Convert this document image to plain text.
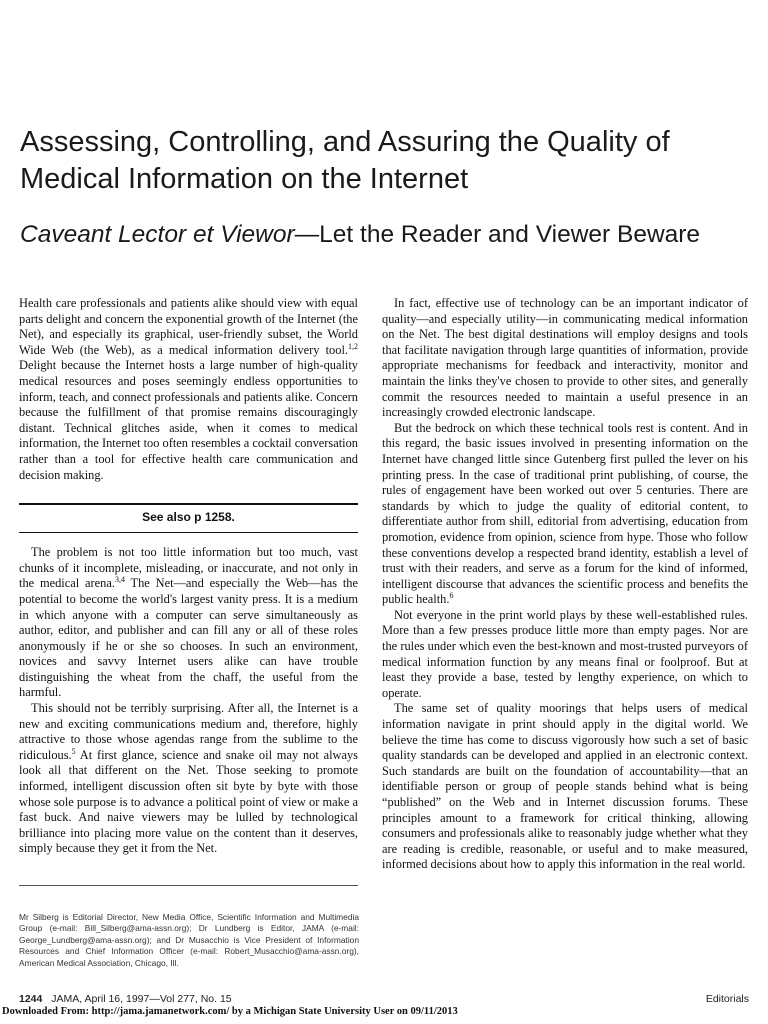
Assessing, Controlling, and Assuring the Quality of Medical Information on the Internet
Caveant Lector et Viewor—Let the Reader and Viewer Beware

Health care professionals and patients alike should view with equal parts delight and concern the exponential growth of the Internet (the Net), and especially its graphical, user-friendly subset, the World Wide Web (the Web), as a medical information delivery tool.$^{1,2}$ Delight because the Internet hosts a large number of high-quality medical resources and poses seemingly endless opportunities to inform, teach, and connect professionals and patients alike. Concern because the fulfillment of that promise remains discouragingly distant. Technical glitches aside, when it comes to medical information, the Internet too often resembles a cocktail conversation rather than a tool for effective health care communication and decision making.

See also p 1258.

The problem is not too little information but too much, vast chunks of it incomplete, misleading, or inaccurate, and not only in the medical arena.$^{3,4}$ The Net—and especially the Web—has the potential to become the world's largest vanity press. It is a medium in which anyone with a computer can serve simultaneously as author, editor, and publisher and can fill any or all of these roles anonymously if he or she so chooses. In such an environment, novices and savvy Internet users alike can have trouble distinguishing the wheat from the chaff, the useful from the harmful.

This should not be terribly surprising. After all, the Internet is a new and exciting communications medium and, therefore, highly attractive to those whose agendas range from the sublime to the ridiculous.$^5$ At first glance, science and snake oil may not always look all that different on the Net. Those seeking to promote informed, intelligent discussion often sit byte by byte with those whose sole purpose is to advance a political point of view or make a fast buck. And naive viewers may be lulled by technological brilliance into placing more value on the content than it deserves, simply because they get it from the Net.

Mr Silberg is Editorial Director, New Media Office, Scientific Information and Multimedia Group (e-mail: Bill_Silberg@ama-assn.org); Dr Lundberg is Editor, JAMA (e-mail: George_Lundberg@ama-assn.org); and Dr Musacchio is Vice President of Information Resources and Chief Information Officer (e-mail: Robert_Musacchio@ama-assn.org), American Medical Association, Chicago, Ill.

In fact, effective use of technology can be an important indicator of quality—and especially utility—in communicating medical information on the Net. The best digital destinations will employ designs and tools that facilitate navigation through large quantities of information, provide appropriate mechanisms for feedback and interactivity, monitor and maintain the links they've chosen to provide to other sites, and generally commit the resources needed to maintain a useful presence in an increasingly crowded electronic landscape.

But the bedrock on which these technical tools rest is content. And in this regard, the basic issues involved in presenting information on the Internet have changed little since Gutenberg first pulled the lever on his printing press. In the case of traditional print publishing, of course, the rules of engagement have been worked out over 5 centuries. There are standards by which to judge the quality of editorial content, to differentiate author from shill, editorial from advertising, education from promotion, evidence from opinion, science from hype. Those who follow these conventions develop a respected brand identity, establish a level of trust with their readers, and serve as a forum for the kind of informed, intelligent discourse that advances the scientific process and benefits the public health.$^6$

Not everyone in the print world plays by these well-established rules. More than a few presses produce little more than empty pages. Nor are the rules under which even the best-known and most-trusted purveyors of medical information function by any means final or foolproof. But at least they provide a base, tested by lengthy experience, on which to operate.

The same set of quality moorings that helps users of medical information navigate in print should apply in the digital world. We believe the time has come to discuss vigorously how such a set of basic quality standards can be developed and applied in an electronic context. Such standards are built on the foundation of accountability—that an identifiable person or group of people stands behind what is being “published” on the Web and in Internet discussion forums. These principles amount to a framework for critical thinking, allowing consumers and professionals alike to reasonably judge whether what they are reading is credible, reasonable, or useful and to make measured, informed decisions about how to apply this information in the real world.

1244 JAMA, April 16, 1997—Vol 277, No. 15	Editorials
Downloaded From: http://jama.jamanetwork.com/ by a Michigan State University User on 09/11/2013
